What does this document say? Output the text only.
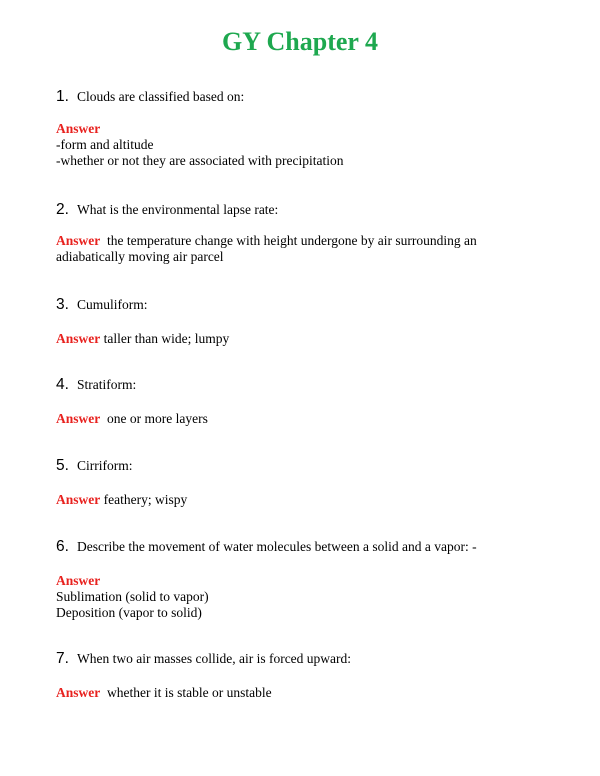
GY Chapter 4
1. Clouds are classified based on:
Answer
-form and altitude
-whether or not they are associated with precipitation
2. What is the environmental lapse rate:
Answer the temperature change with height undergone by air surrounding an
adiabatically moving air parcel
3. Cumuliform:
Answer taller than wide; lumpy
4. Stratiform:
Answer one or more layers
5. Cirriform:
Answer feathery; wispy
6. Describe the movement of water molecules between a solid and a vapor: -
Answer
Sublimation (solid to vapor)
Deposition (vapor to solid)
7. When two air masses collide, air is forced upward:
Answer whether it is stable or unstable
